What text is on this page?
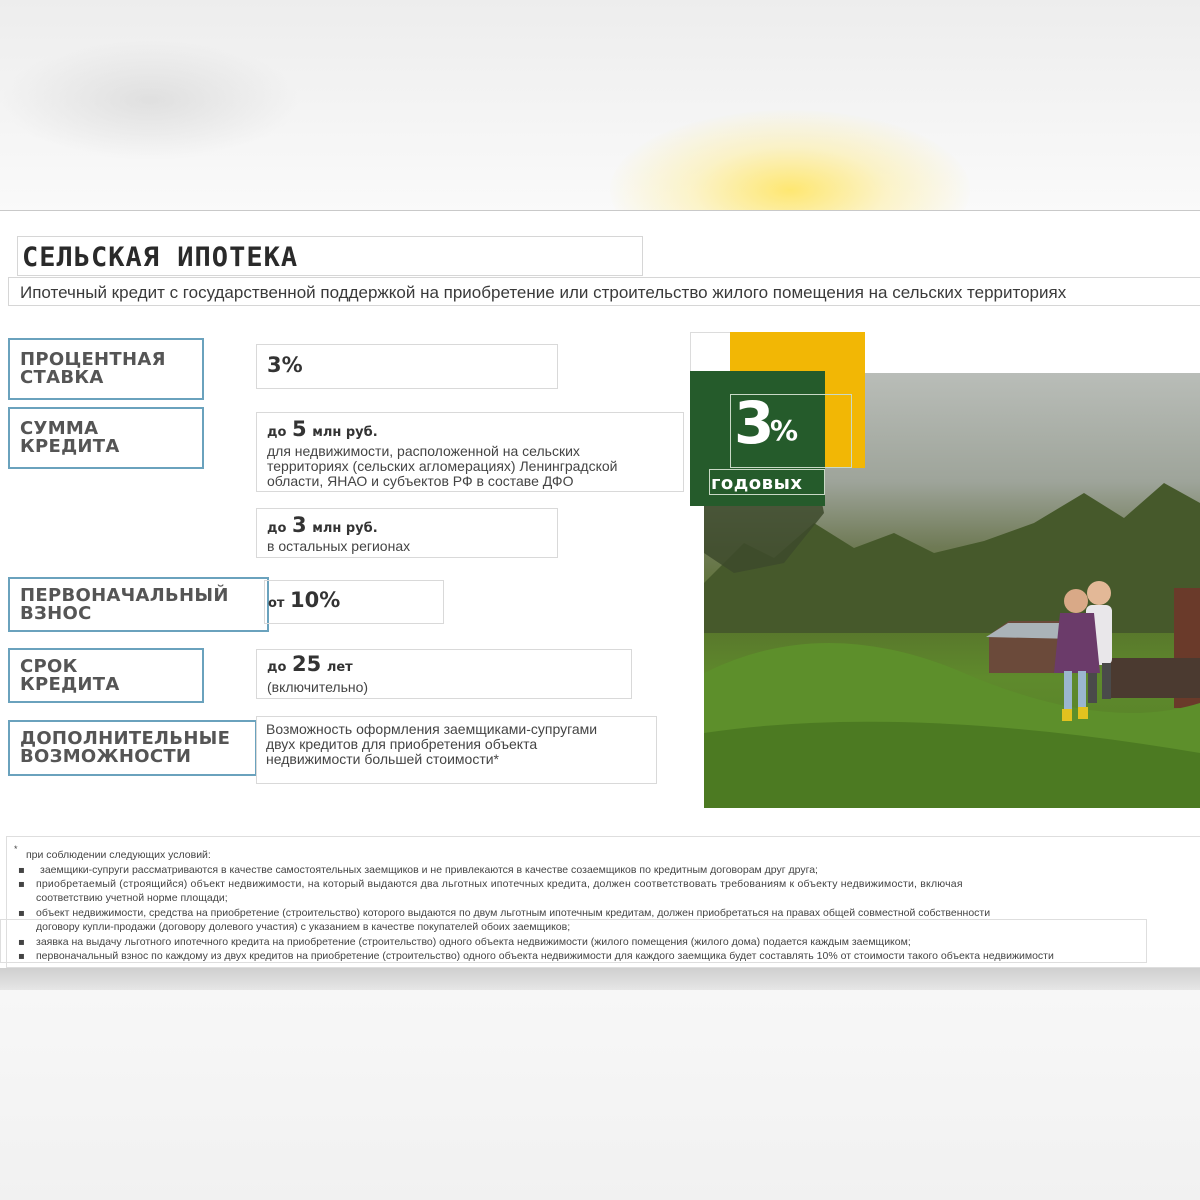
СЕЛЬСКАЯ ИПОТЕКА

Ипотечный кредит с государственной поддержкой на приобретение или строительство жилого помещения на сельских территориях

ПРОЦЕНТНАЯ
СТАВКА
3%
СУММА
КРЕДИТА
до 5 млн руб.
для недвижимости, расположенной на сельских
территориях (сельских агломерациях) Ленинградской
области, ЯНАО и субъектов РФ в составе ДФО
до 3 млн руб.
в остальных регионах
ПЕРВОНАЧАЛЬНЫЙ
ВЗНОС	от 10%
СРОК
КРЕДИТА
до 25 лет
(включительно)
ДОПОЛНИТЕЛЬНЫЕ
ВОЗМОЖНОСТИ
Возможность оформления заемщиками-супругами
двух кредитов для приобретения объекта
недвижимости большей стоимости*
3
%
годовых
* при соблюдении следующих условий:
▪ заемщики-супруги рассматриваются в качестве самостоятельных заемщиков и не привлекаются в качестве созаемщиков по кредитным договорам друг друга;
▪ приобретаемый (строящийся) объект недвижимости, на который выдаются два льготных ипотечных кредита, должен соответствовать требованиям к объекту недвижимости, включая
соответствию учетной норме площади;
▪ объект недвижимости, средства на приобретение (строительство) которого выдаются по двум льготным ипотечным кредитам, должен приобретаться на правах общей совместной собственности
договору купли-продажи (договору долевого участия) с указанием в качестве покупателей обоих заемщиков;
▪ заявка на выдачу льготного ипотечного кредита на приобретение (строительство) одного объекта недвижимости (жилого помещения (жилого дома) подается каждым заемщиком;
▪ первоначальный взнос по каждому из двух кредитов на приобретение (строительство) одного объекта недвижимости для каждого заемщика будет составлять 10% от стоимости такого объекта недвижимости
